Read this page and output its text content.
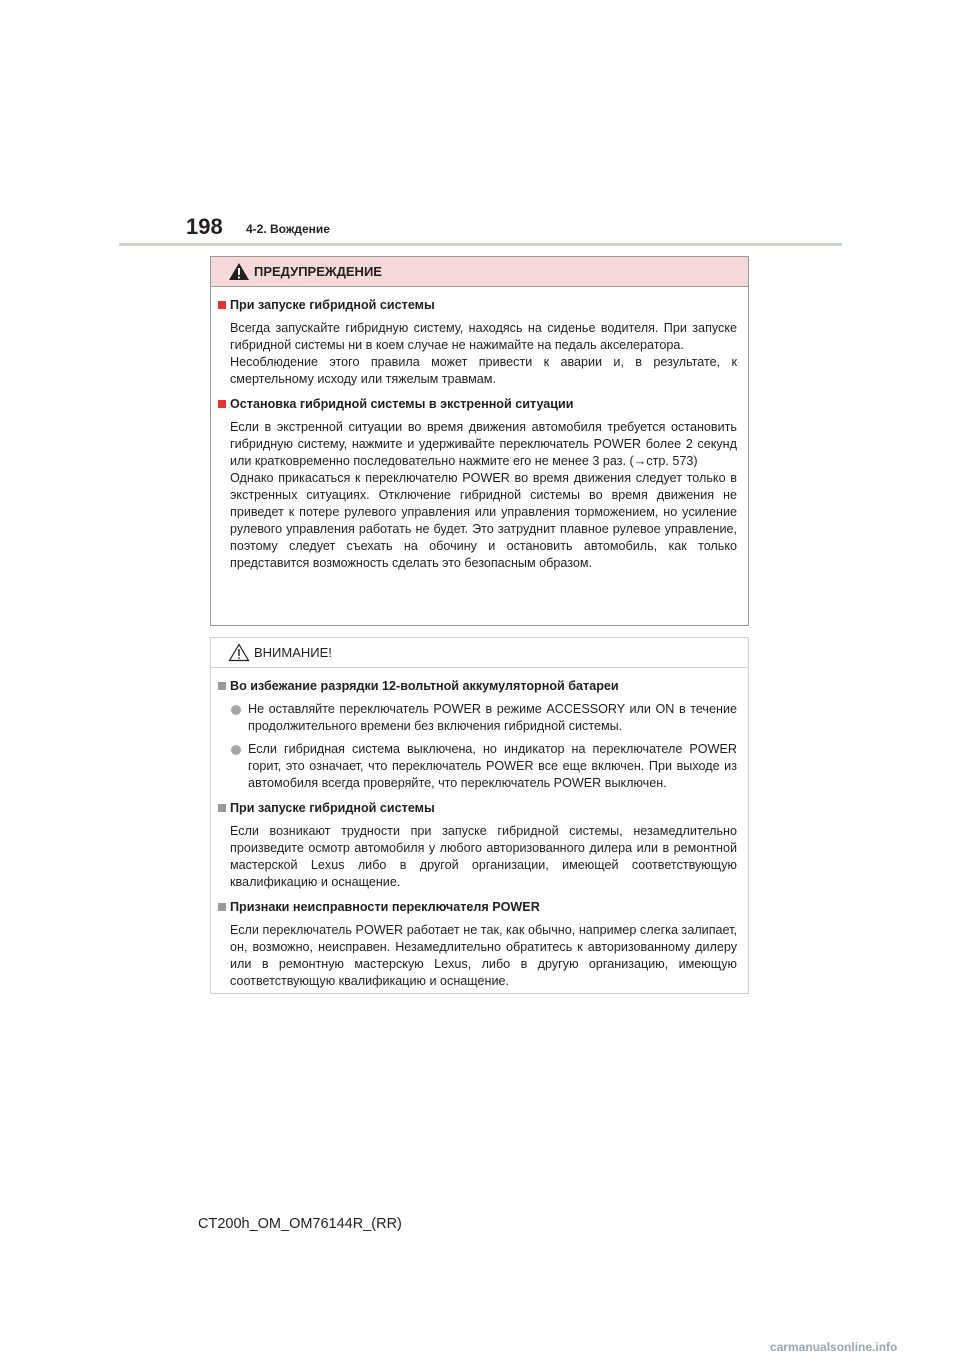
198 4-2. Вождение
ПРЕДУПРЕЖДЕНИЕ
При запуске гибридной системы

Всегда запускайте гибридную систему, находясь на сиденье водителя. При запуске гибридной системы ни в коем случае не нажимайте на педаль акселератора.

Несоблюдение этого правила может привести к аварии и, в результате, к смертельному исходу или тяжелым травмам.

Остановка гибридной системы в экстренной ситуации

Если в экстренной ситуации во время движения автомобиля требуется остановить гибридную систему, нажмите и удерживайте переключатель POWER более 2 секунд или кратковременно последовательно нажмите его не менее 3 раз. (→стр. 573)

Однако прикасаться к переключателю POWER во время движения следует только в экстренных ситуациях. Отключение гибридной системы во время движения не приведет к потере рулевого управления или управления торможением, но усиление рулевого управления работать не будет. Это затруднит плавное рулевое управление, поэтому следует съехать на обочину и остановить автомобиль, как только представится возможность сделать это безопасным образом.

ВНИМАНИЕ!
Во избежание разрядки 12-вольтной аккумуляторной батареи
Не оставляйте переключатель POWER в режиме ACCESSORY или ON в течение продолжительного времени без включения гибридной системы.
Если гибридная система выключена, но индикатор на переключателе POWER горит, это означает, что переключатель POWER все еще включен. При выходе из автомобиля всегда проверяйте, что переключатель POWER выключен.
При запуске гибридной системы

Если возникают трудности при запуске гибридной системы, незамедлительно произведите осмотр автомобиля у любого авторизованного дилера или в ремонтной мастерской Lexus либо в другой организации, имеющей соответствующую квалификацию и оснащение.

Признаки неисправности переключателя POWER

Если переключатель POWER работает не так, как обычно, например слегка залипает, он, возможно, неисправен. Незамедлительно обратитесь к авторизованному дилеру или в ремонтную мастерскую Lexus, либо в другую организацию, имеющую соответствующую квалификацию и оснащение.

CT200h_OM_OM76144R_(RR)
carmanualsonline.info
